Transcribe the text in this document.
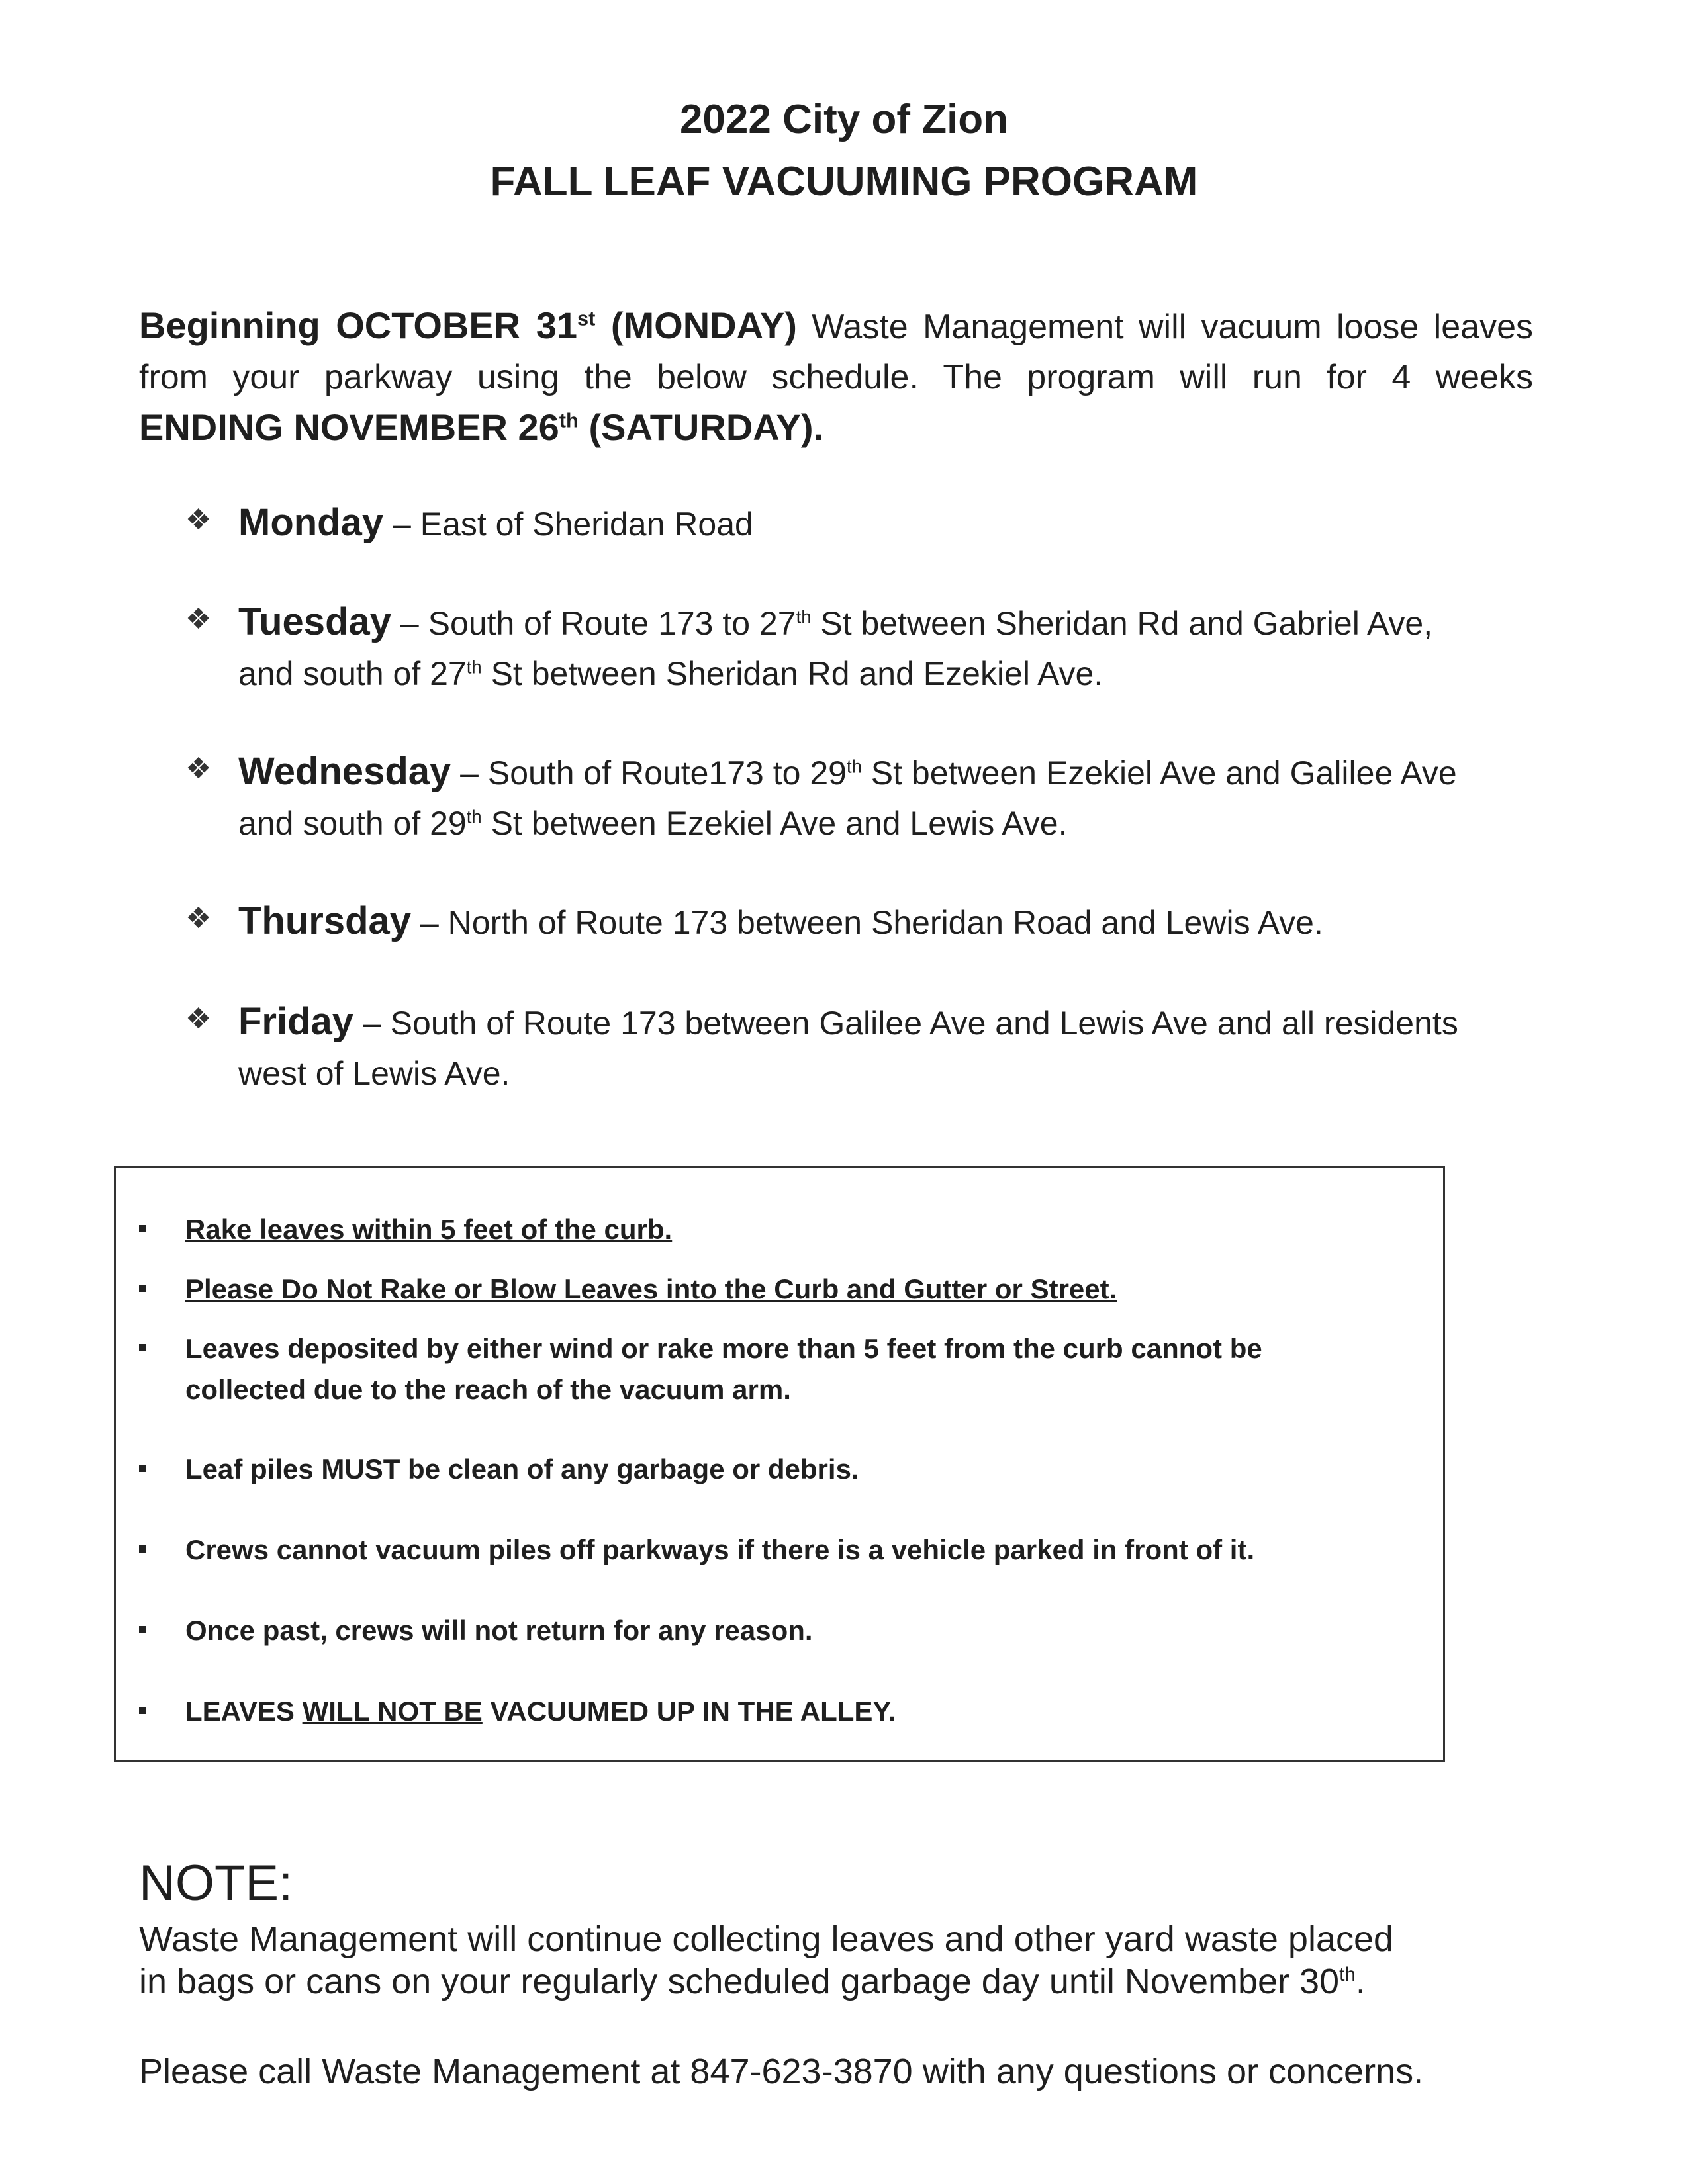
2022 City of Zion
FALL LEAF VACUUMING PROGRAM
Beginning OCTOBER 31st (MONDAY) Waste Management will vacuum loose leaves
from your parkway using the below schedule. The program will run for 4 weeks
ENDING NOVEMBER 26th (SATURDAY).
❖ Monday – East of Sheridan Road
❖ Tuesday – South of Route 173 to 27th St between Sheridan Rd and Gabriel Ave,
and south of 27th St between Sheridan Rd and Ezekiel Ave.
❖ Wednesday – South of Route173 to 29th St between Ezekiel Ave and Galilee Ave
and south of 29th St between Ezekiel Ave and Lewis Ave.
❖ Thursday – North of Route 173 between Sheridan Road and Lewis Ave.
❖ Friday – South of Route 173 between Galilee Ave and Lewis Ave and all residents
west of Lewis Ave.
Rake leaves within 5 feet of the curb.
Please Do Not Rake or Blow Leaves into the Curb and Gutter or Street.
Leaves deposited by either wind or rake more than 5 feet from the curb cannot be
collected due to the reach of the vacuum arm.
Leaf piles MUST be clean of any garbage or debris.
Crews cannot vacuum piles off parkways if there is a vehicle parked in front of it.
Once past, crews will not return for any reason.
LEAVES WILL NOT BE VACUUMED UP IN THE ALLEY.
NOTE:
Waste Management will continue collecting leaves and other yard waste placed
in bags or cans on your regularly scheduled garbage day until November 30th.
Please call Waste Management at 847-623-3870 with any questions or concerns.
